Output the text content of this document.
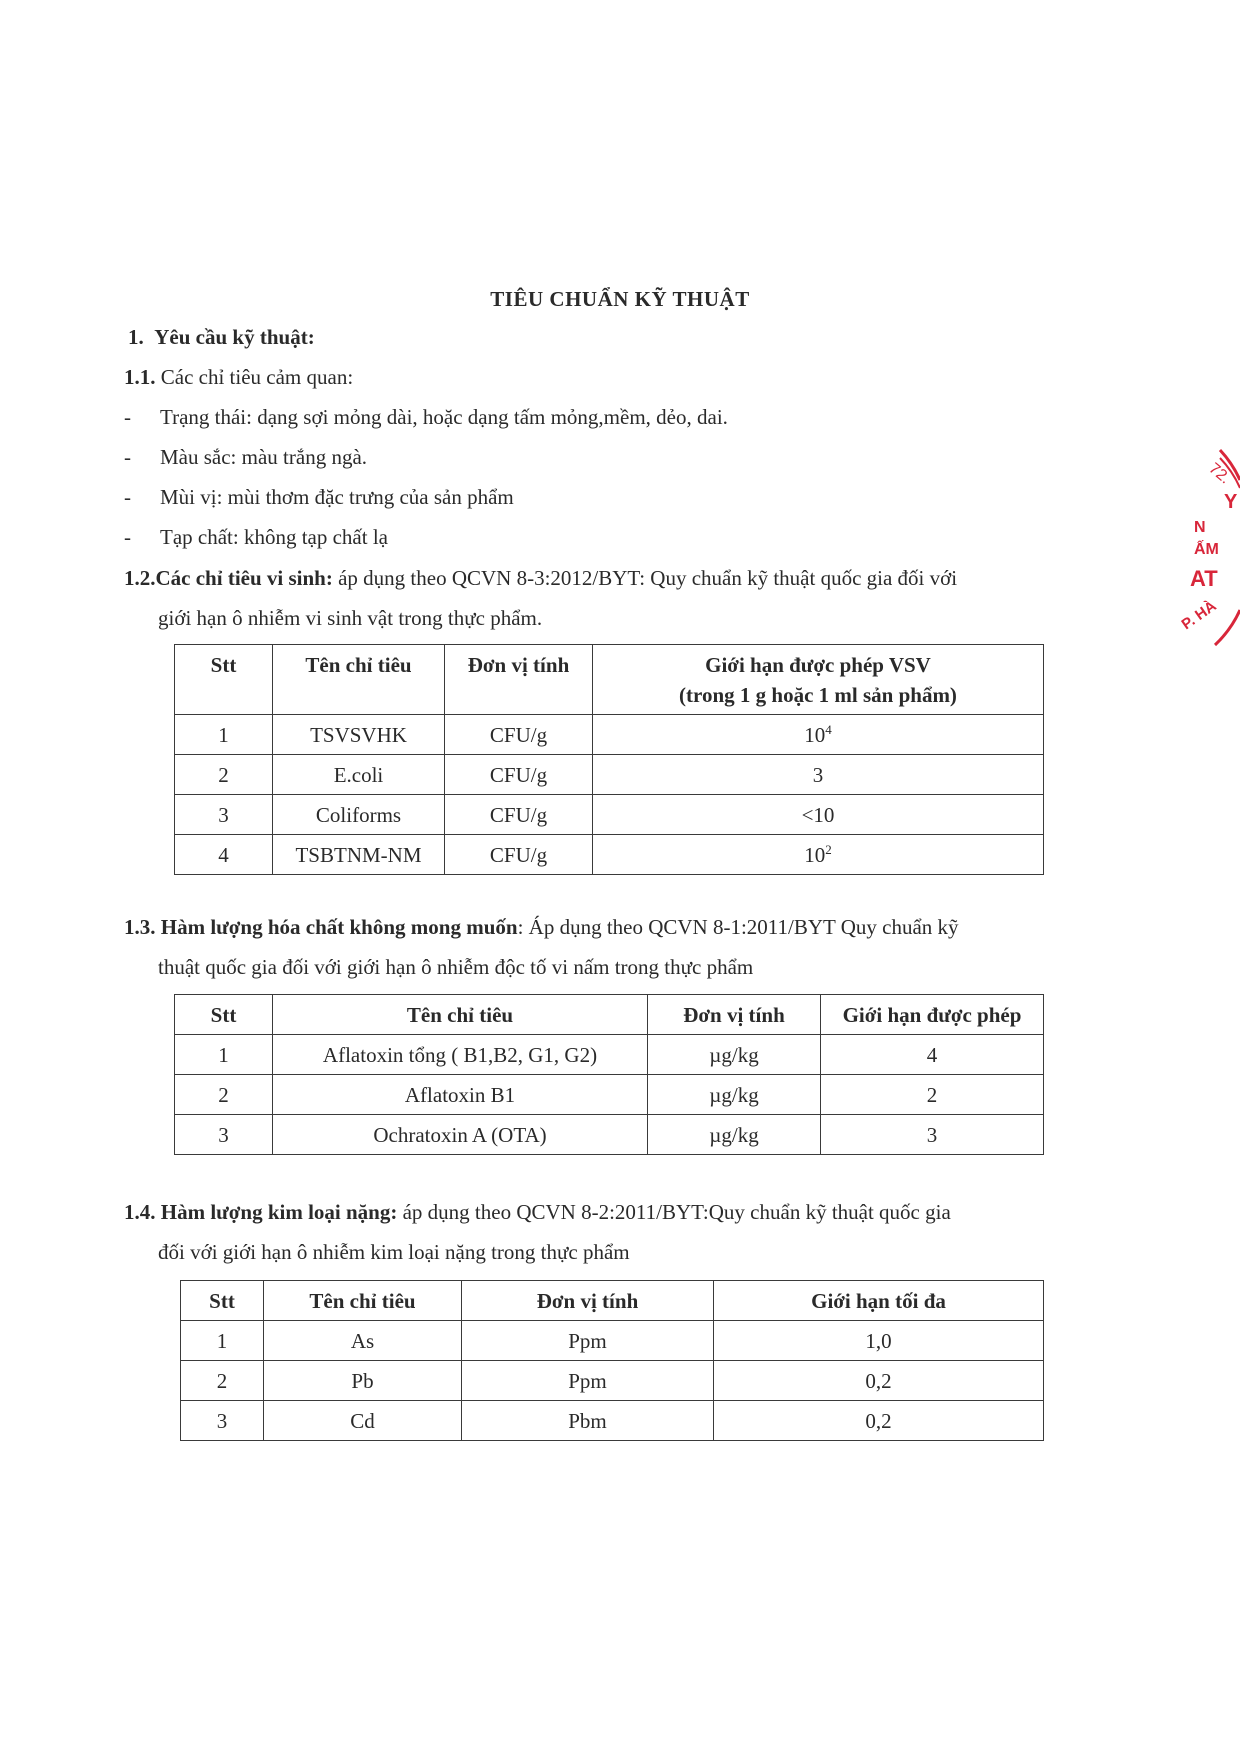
TIÊU CHUẨN KỸ THUẬT
1. Yêu cầu kỹ thuật:
1.1. Các chỉ tiêu cảm quan:
- Trạng thái: dạng sợi mỏng dài, hoặc dạng tấm mỏng,mềm, dẻo, dai.
- Màu sắc: màu trắng ngà.
- Mùi vị: mùi thơm đặc trưng của sản phẩm
- Tạp chất: không tạp chất lạ
1.2.Các chỉ tiêu vi sinh: áp dụng theo QCVN 8-3:2012/BYT: Quy chuẩn kỹ thuật quốc gia đối với
giới hạn ô nhiễm vi sinh vật trong thực phẩm.
Stt	Tên chỉ tiêu	Đơn vị tính	Giới hạn được phép VSV
(trong 1 g hoặc 1 ml sản phẩm)

1	TSVSVHK	CFU/g	$10^4$
2	E.coli	CFU/g	3
3	Coliforms	CFU/g	<10
4	TSBTNM-NM	CFU/g	$10^2$
1.3. Hàm lượng hóa chất không mong muốn: Áp dụng theo QCVN 8-1:2011/BYT Quy chuẩn kỹ
thuật quốc gia đối với giới hạn ô nhiễm độc tố vi nấm trong thực phẩm
Stt	Tên chỉ tiêu	Đơn vị tính	Giới hạn được phép
1	Aflatoxin tổng ( B1,B2, G1, G2)	µg/kg	4
2	Aflatoxin B1	µg/kg	2
3	Ochratoxin A (OTA)	µg/kg	3
1.4. Hàm lượng kim loại nặng: áp dụng theo QCVN 8-2:2011/BYT:Quy chuẩn kỹ thuật quốc gia
đối với giới hạn ô nhiễm kim loại nặng trong thực phẩm
Stt	Tên chỉ tiêu	Đơn vị tính	Giới hạn tối đa
1	As	Ppm	1,0
2	Pb	Ppm	0,2
3	Cd	Pbm	0,2
72.
Y
N
ẤM
AT
P. HÀ
